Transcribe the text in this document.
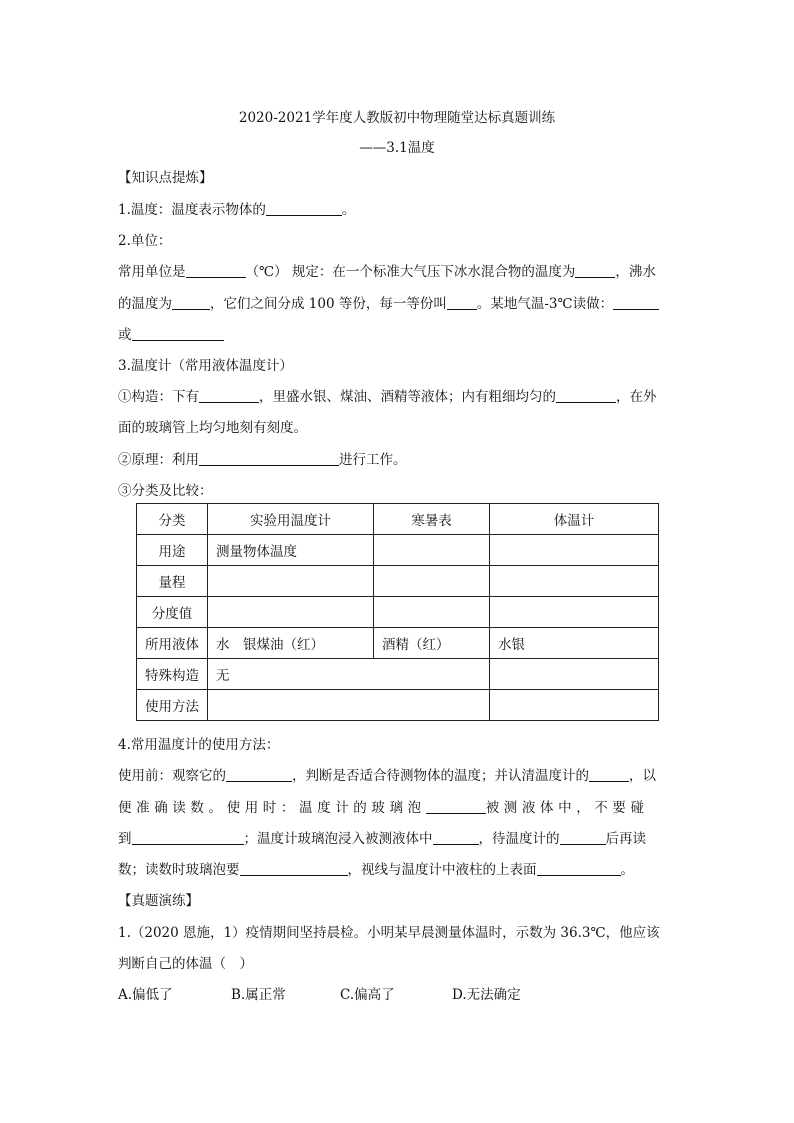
2020-2021学年度人教版初中物理随堂达标真题训练
——3.1温度
【知识点提炼】
1.温度：温度表示物体的	。
2.单位：
常用单位是	（℃） 规定：在一个标准大气压下冰水混合物的温度为	，沸水
的温度为	，它们之间分成 100 等份，每一等份叫 。某地气温-3℃读做：
或
3.温度计（常用液体温度计）
①构造：下有	，里盛水银、煤油、酒精等液体；内有粗细均匀的	，在外
面的玻璃管上均匀地刻有刻度。
②原理：利用	进行工作。
③分类及比较：
分类	实验用温度计	寒暑表	体温计
用途	测量物体温度		
量程			
分度值			
所用液体	水　银煤油（红）	酒精（红）	水银
特殊构造	无		
使用方法			
4.常用温度计的使用方法：
使用前：观察它的	，判断是否适合待测物体的温度；并认清温度计的	，以
便准确读数。使用时：温度计的玻璃泡	被测液体中，不要碰
到	；温度计玻璃泡浸入被测液体中	，待温度计的	后再读
数；读数时玻璃泡要	，视线与温度计中液柱的上表面	。
【真题演练】
1.（2020 恩施，1）疫情期间坚持晨检。小明某早晨测量体温时，示数为 36.3℃，他应该
判断自己的体温（　）
A.偏低了	B.属正常	C.偏高了	D.无法确定
